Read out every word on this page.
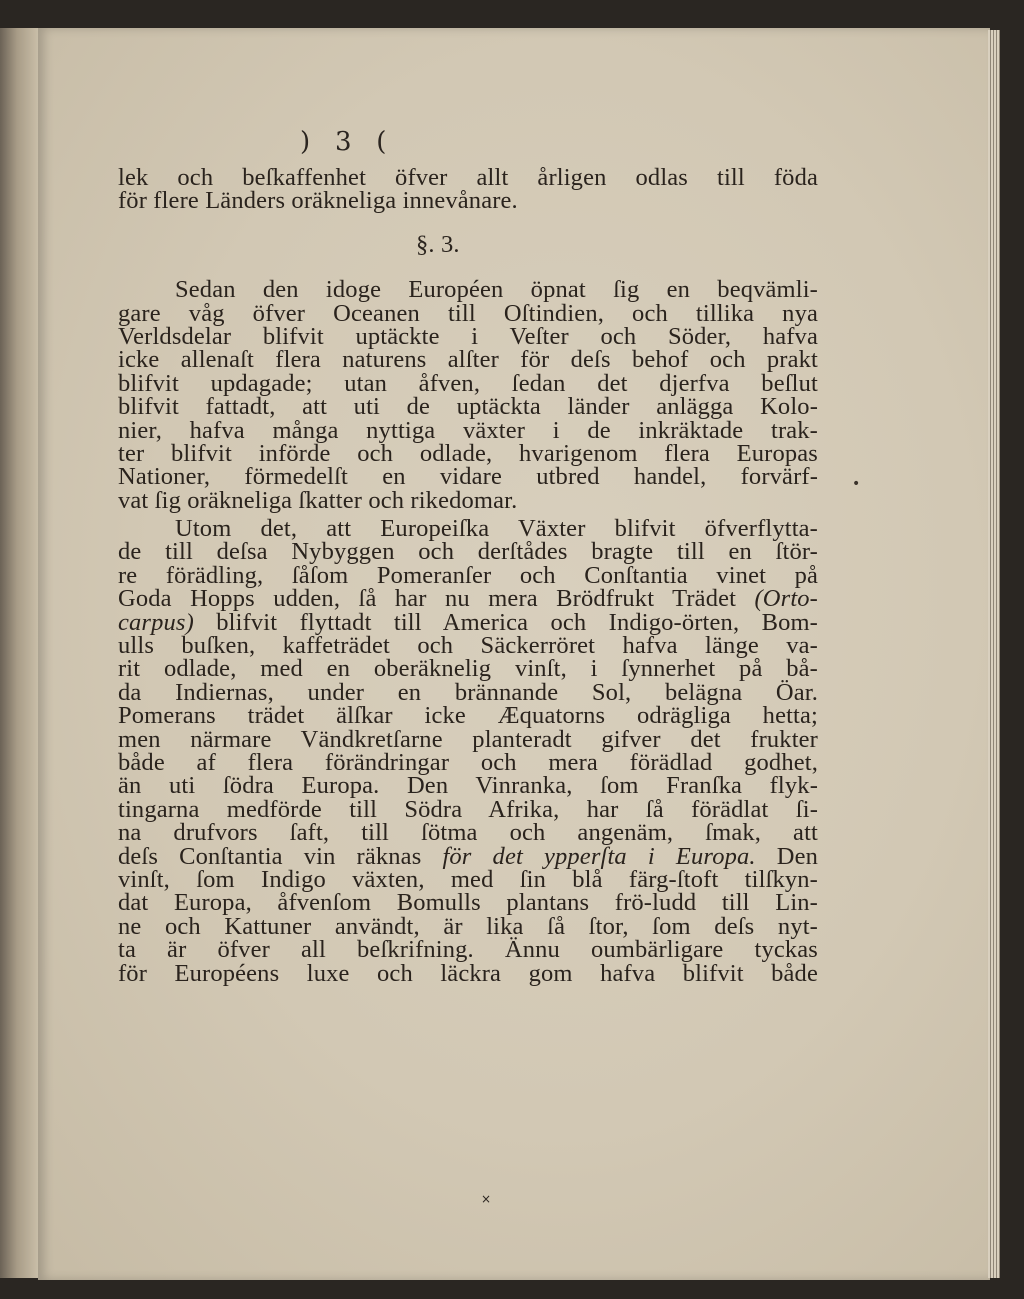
)   3   (
lek och beſkaffenhet öfver allt årligen odlas till föda
för flere Länders oräkneliga innevånare.
§. 3.
Sedan den idoge Européen öpnat ſig en beqvämli-
gare våg öfver Oceanen till Oſtindien, och tillika nya
Verldsdelar blifvit uptäckte i Veſter och Söder, hafva
icke allenaſt flera naturens alſter för deſs behof och prakt
blifvit updagade; utan åfven, ſedan det djerfva beſlut
blifvit fattadt, att uti de uptäckta länder anlägga Kolo-
nier, hafva många nyttiga växter i de inkräktade trak-
ter blifvit införde och odlade, hvarigenom flera Europas
Nationer, förmedelſt en vidare utbred handel, forvärf-
vat ſig oräkneliga ſkatter och rikedomar.
Utom det, att Europeiſka Växter blifvit öfverflytta-
de till deſsa Nybyggen och derſtådes bragte till en ſtör-
re förädling, ſåſom Pomeranſer och Conſtantia vinet på
Goda Hopps udden, ſå har nu mera Brödfrukt Trädet (Orto-
carpus) blifvit flyttadt till America och Indigo-örten, Bom-
ulls buſken, kaffeträdet och Säckerröret hafva länge va-
rit odlade, med en oberäknelig vinſt, i ſynnerhet på bå-
da Indiernas, under en brännande Sol, belägna Öar.
Pomerans trädet älſkar icke Æquatorns odrägliga hetta;
men närmare Vändkretſarne planteradt gifver det frukter
både af flera förändringar och mera förädlad godhet,
än uti ſödra Europa. Den Vinranka, ſom Franſka flyk-
tingarna medförde till Södra Afrika, har ſå förädlat ſi-
na drufvors ſaft, till ſötma och angenäm, ſmak, att
deſs Conſtantia vin räknas för det ypperſta i Europa. Den
vinſt, ſom Indigo växten, med ſin blå färg-ſtoft tilſkyn-
dat Europa, åfvenſom Bomulls plantans frö-ludd till Lin-
ne och Kattuner användt, är lika ſå ſtor, ſom deſs nyt-
ta är öfver all beſkrifning. Ännu oumbärligare tyckas
för Européens luxe och läckra gom hafva blifvit både
•
×
